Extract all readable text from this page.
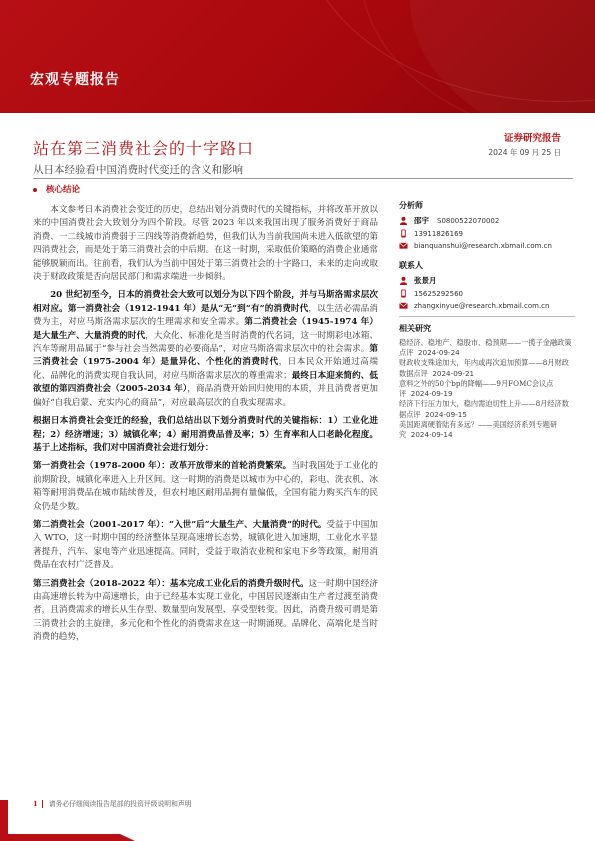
宏观专题报告
站在第三消费社会的十字路口
从日本经验看中国消费时代变迁的含义和影响
证券研究报告
2024 年 09 月 25 日
核心结论

本文参考日本消费社会变迁的历史，总结出划分消费时代的关键指标，并将改革开放以来的中国消费社会大致划分为四个阶段。尽管 2023 年以来我国出现了服务消费好于商品消费、一二线城市消费弱于三四线等消费新趋势，但我们认为当前我国尚未进入低欲望的第四消费社会，而是处于第三消费社会的中后期。在这一时期，采取低价策略的消费企业通常能够脱颖而出。往前看，我们认为当前中国处于第三消费社会的十字路口，未来的走向或取决于财政政策是否向居民部门和需求端进一步倾斜。

20 世纪初至今，日本的消费社会大致可以划分为以下四个阶段，并与马斯洛需求层次相对应。第一消费社会（1912-1941 年）是从“无”到“有”的消费时代，以生活必需品消费为主，对应马斯洛需求层次的生理需求和安全需求。第二消费社会（1945-1974 年）是大量生产、大量消费的时代，大众化、标准化是当时消费的代名词，这一时期彩电冰箱、汽车等耐用品属于“参与社会当然需要的必要商品”，对应马斯洛需求层次中的社会需求。第三消费社会（1975-2004 年）是量异化、个性化的消费时代，日本民众开始通过高端化、品牌化的消费实现自我认同，对应马斯洛需求层次的尊重需求；最终日本迎来简约、低欲望的第四消费社会（2005-2034 年），商品消费开始回归使用的本质，并且消费者更加偏好“自我启蒙、充实内心的商品”，对应最高层次的自我实现需求。

根据日本消费社会变迁的经验，我们总结出以下划分消费时代的关键指标：1）工业化进程；2）经济增速；3）城镇化率；4）耐用消费品普及率；5）生育率和人口老龄化程度。基于上述指标，我们对中国消费社会进行划分：

第一消费社会（1978-2000 年）：改革开放带来的首轮消费繁荣。当时我国处于工业化的前期阶段，城镇化率进入上升区间。这一时期的消费是以城市为中心的，彩电、洗衣机、冰箱等耐用消费品在城市陆续普及，但农村地区耐用品拥有量偏低，全国有能力购买汽车的民众仍是少数。

第二消费社会（2001-2017 年）：“入世”后“大量生产、大量消费”的时代。受益于中国加入 WTO，这一时期中国的经济整体呈现高速增长态势，城镇化进入加速期，工业化水平显著提升，汽车、家电等产业迅速提高。同时，受益于取消农业税和家电下乡等政策，耐用消费品在农村广泛普及。

第三消费社会（2018-2022 年）：基本完成工业化后的消费升级时代。这一时期中国经济由高速增长转为中高速增长，由于已经基本实现工业化，中国居民逐渐由生产者过渡至消费者，且消费需求的增长从生存型、数量型向发展型、享受型转变。因此，消费升级可谓是第三消费社会的主旋律，多元化和个性化的消费需求在这一时期涌现。品牌化、高端化是当时消费的趋势，

分析师
邵宇 S0800522070002
13911826169
bianquanshui@research.xbmail.com.cn
联系人
张景月
15625292560
zhangxinyue@research.xbmail.com.cn
相关研究
稳经济、稳地产、稳股市、稳预期——一揽子金融政策点评 2024-09-24
财政收支殊途加大，年内或再次追加预算——8月财政数据点评 2024-09-21
意料之外的50个bp的降幅——9月FOMC会议点评 2024-09-19
经济下行压力加大，稳内需迫切性上升——8月经济数据点评 2024-09-15
美国距离硬着陆有多远？——美国经济系列专题研究 2024-09-14
1 请务必仔细阅读报告尾部的投资评级说明和声明
